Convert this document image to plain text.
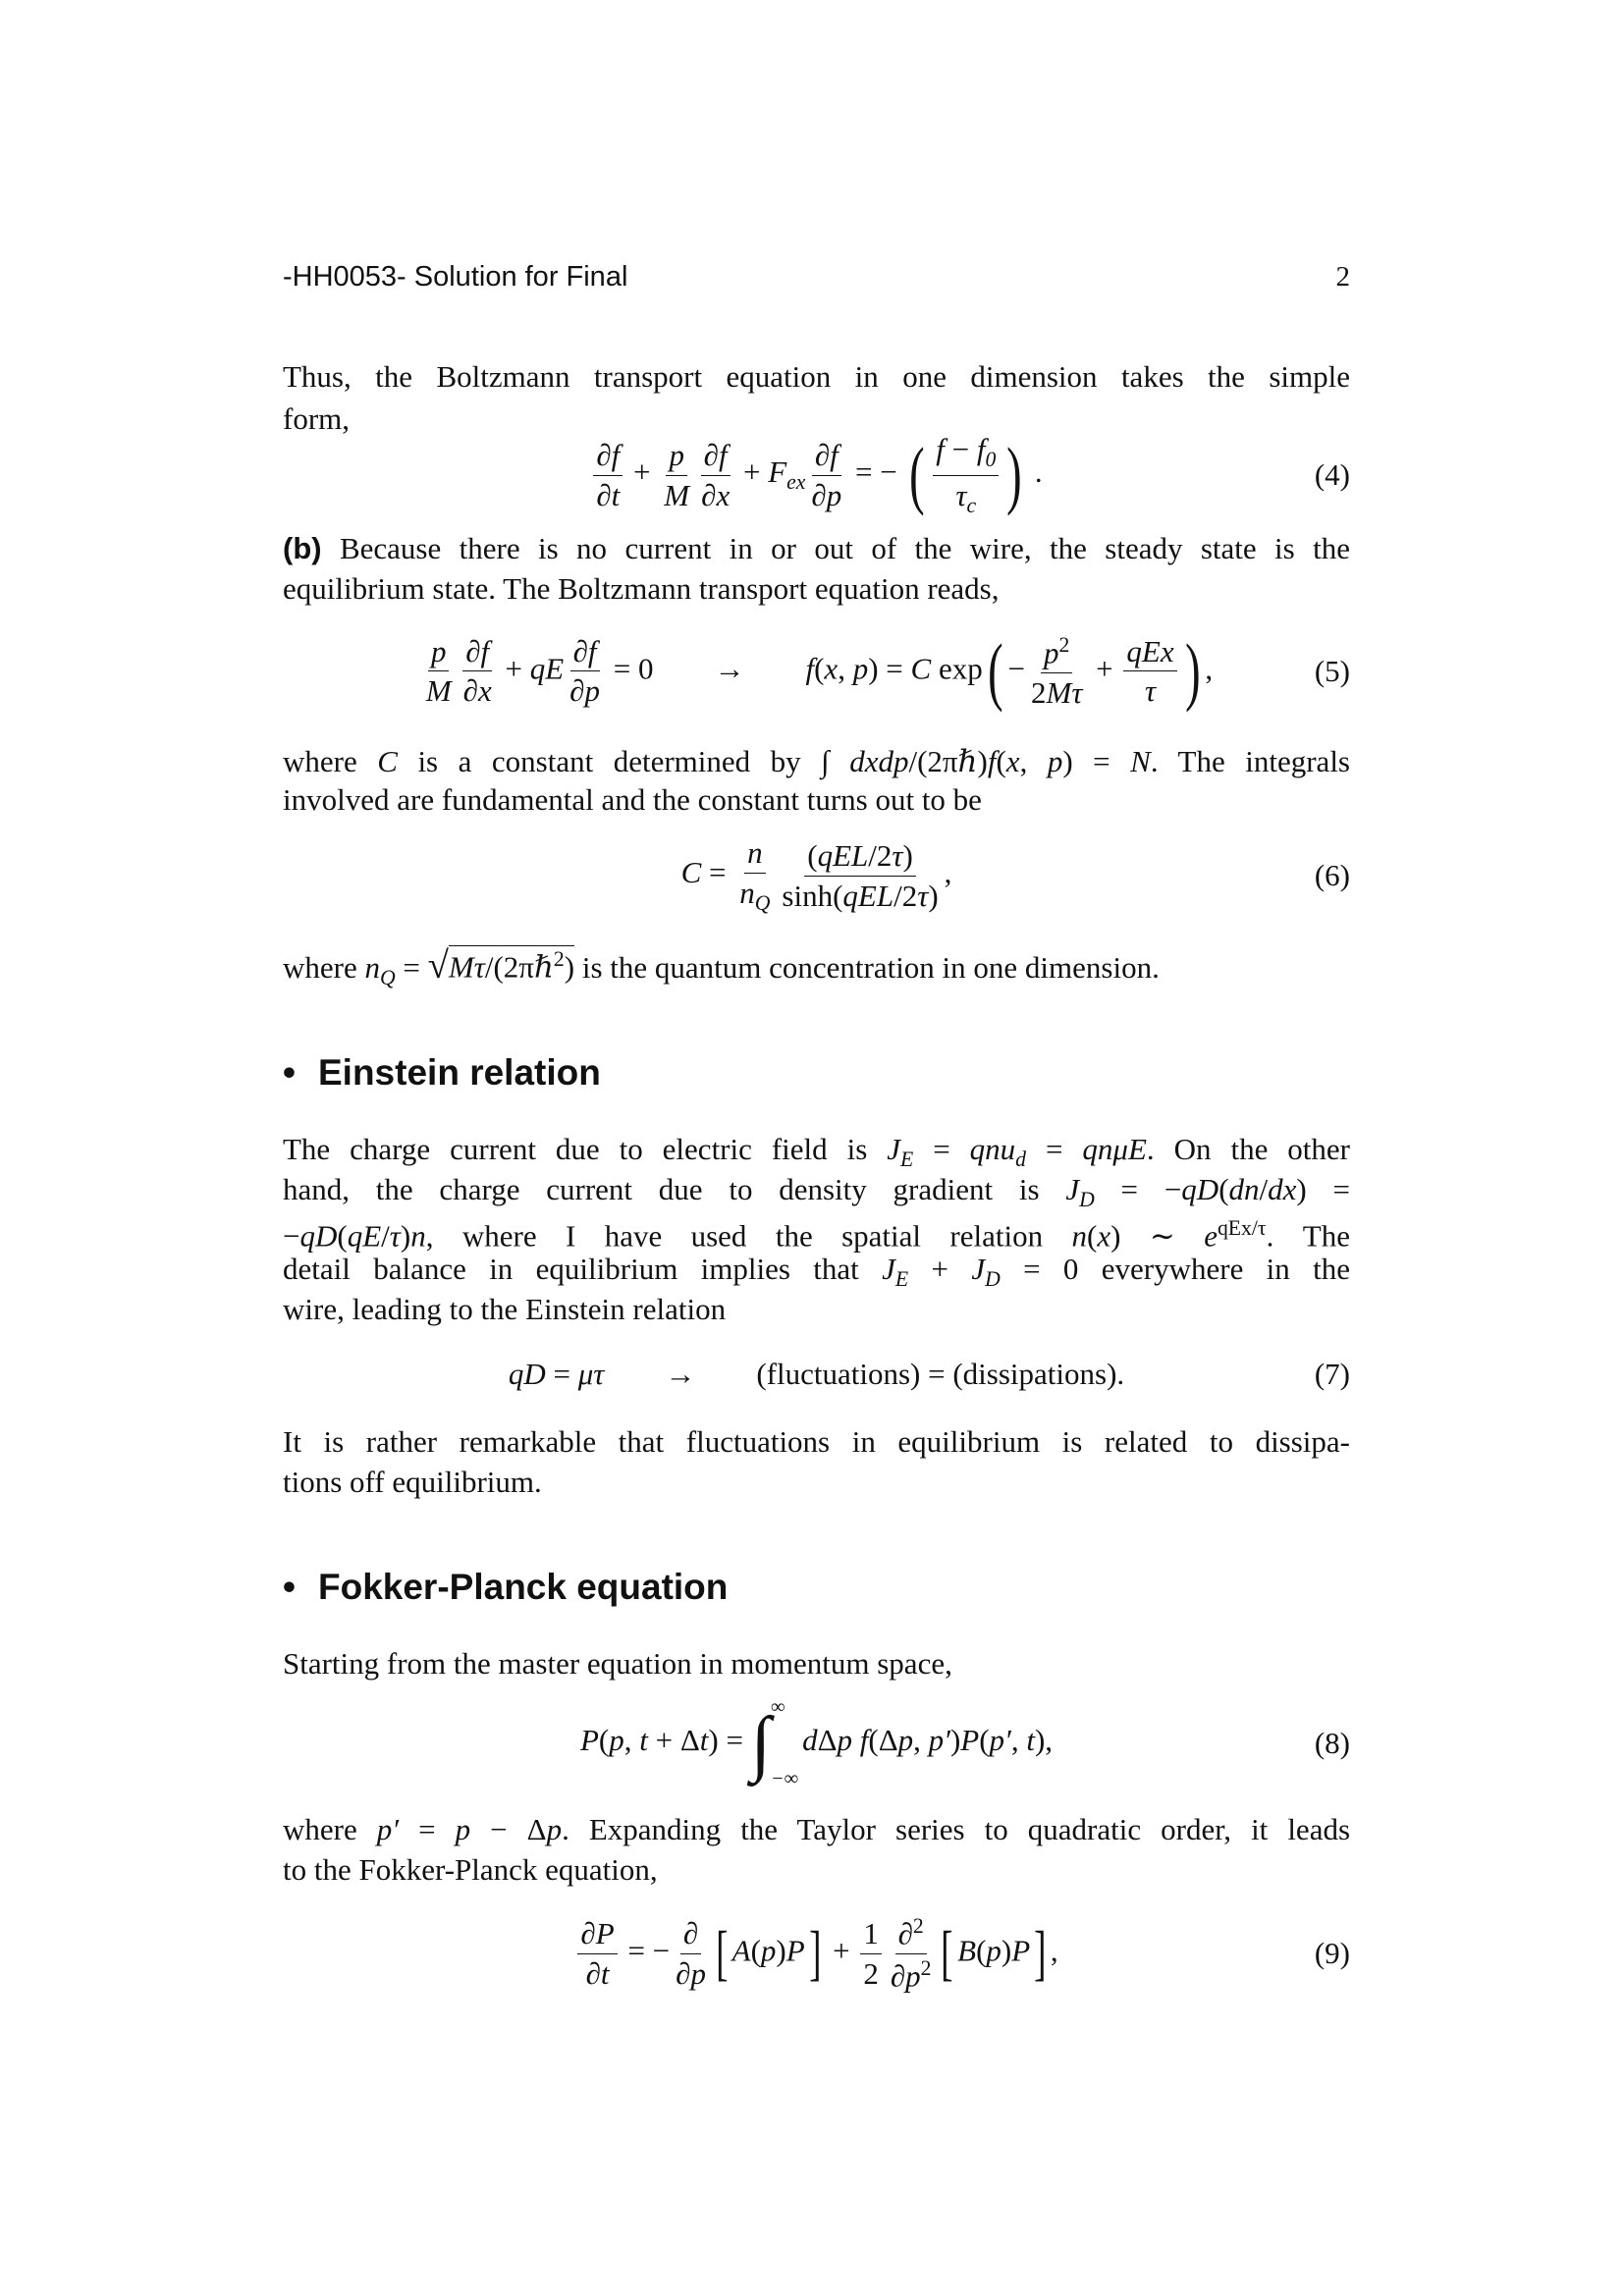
-HH0053- Solution for Final	2
Thus, the Boltzmann transport equation in one dimension takes the simple
form,
$\frac{\partial f}{\partial t} + \frac{p}{M} \frac{\partial f}{\partial x} + F_{ex} \frac{\partial f}{\partial p}$ = − ( $\frac{f - f_0}{\tau_c}$ ) .	(4)
(b) Because there is no current in or out of the wire, the steady state is the
equilibrium state. The Boltzmann transport equation reads,
$\frac{p}{M} \frac{\partial f}{\partial x}$ + qE $\frac{\partial f}{\partial p} = 0$  →  f(x, p) = C $\exp( - \frac{p^2}{2M\tau} + \frac{\text{qEx}}{\tau}$ ) ,	(5)
where C is a constant determined by ∫ dxdp/(2πℏ)f(x, p) = N. The integrals
involved are fundamental and the constant turns out to be
$C = \frac{n}{n_Q} \frac{\text{(qEL/2τ)}}{\text{sinh(qEL/2τ)}}$ ,	(6)
where $n_Q$ = √ Mτ/(2πℏ$^2$) is the quantum concentration in one dimension.
• Einstein relation
The charge current due to electric field is $J_E = qnu_d = qn\mu E$. On the other
hand, the charge current due to density gradient is $J_D = -qD(dn/dx)$ =
−qD(qE/τ)n, where I have used the spatial relation n(x) ∼ $e^{qEx/\tau}$. The
detail balance in equilibrium implies that $J_E + J_D = 0$ everywhere in the
wire, leading to the Einstein relation
qD = μτ  →  (fluctuations) = (dissipations).	(7)
It is rather remarkable that fluctuations in equilibrium is related to dissipa-
tions off equilibrium.
• Fokker-Planck equation
Starting from the master equation in momentum space,
P(p, t + Δt) = ∫ ∞
−∞
dΔp f(Δp, p′)P(p′, t),	(8)
where p′ = p − Δp. Expanding the Taylor series to quadratic order, it leads
to the Fokker-Planck equation,
$\frac{\partial P}{\partial t}$ = − $\frac{\partial}{\partial p}$ [ $A(p)P] + \frac{1}{2} \frac{\partial^2}{\partial p^2}$ [ B(p)P] ,	(9)
